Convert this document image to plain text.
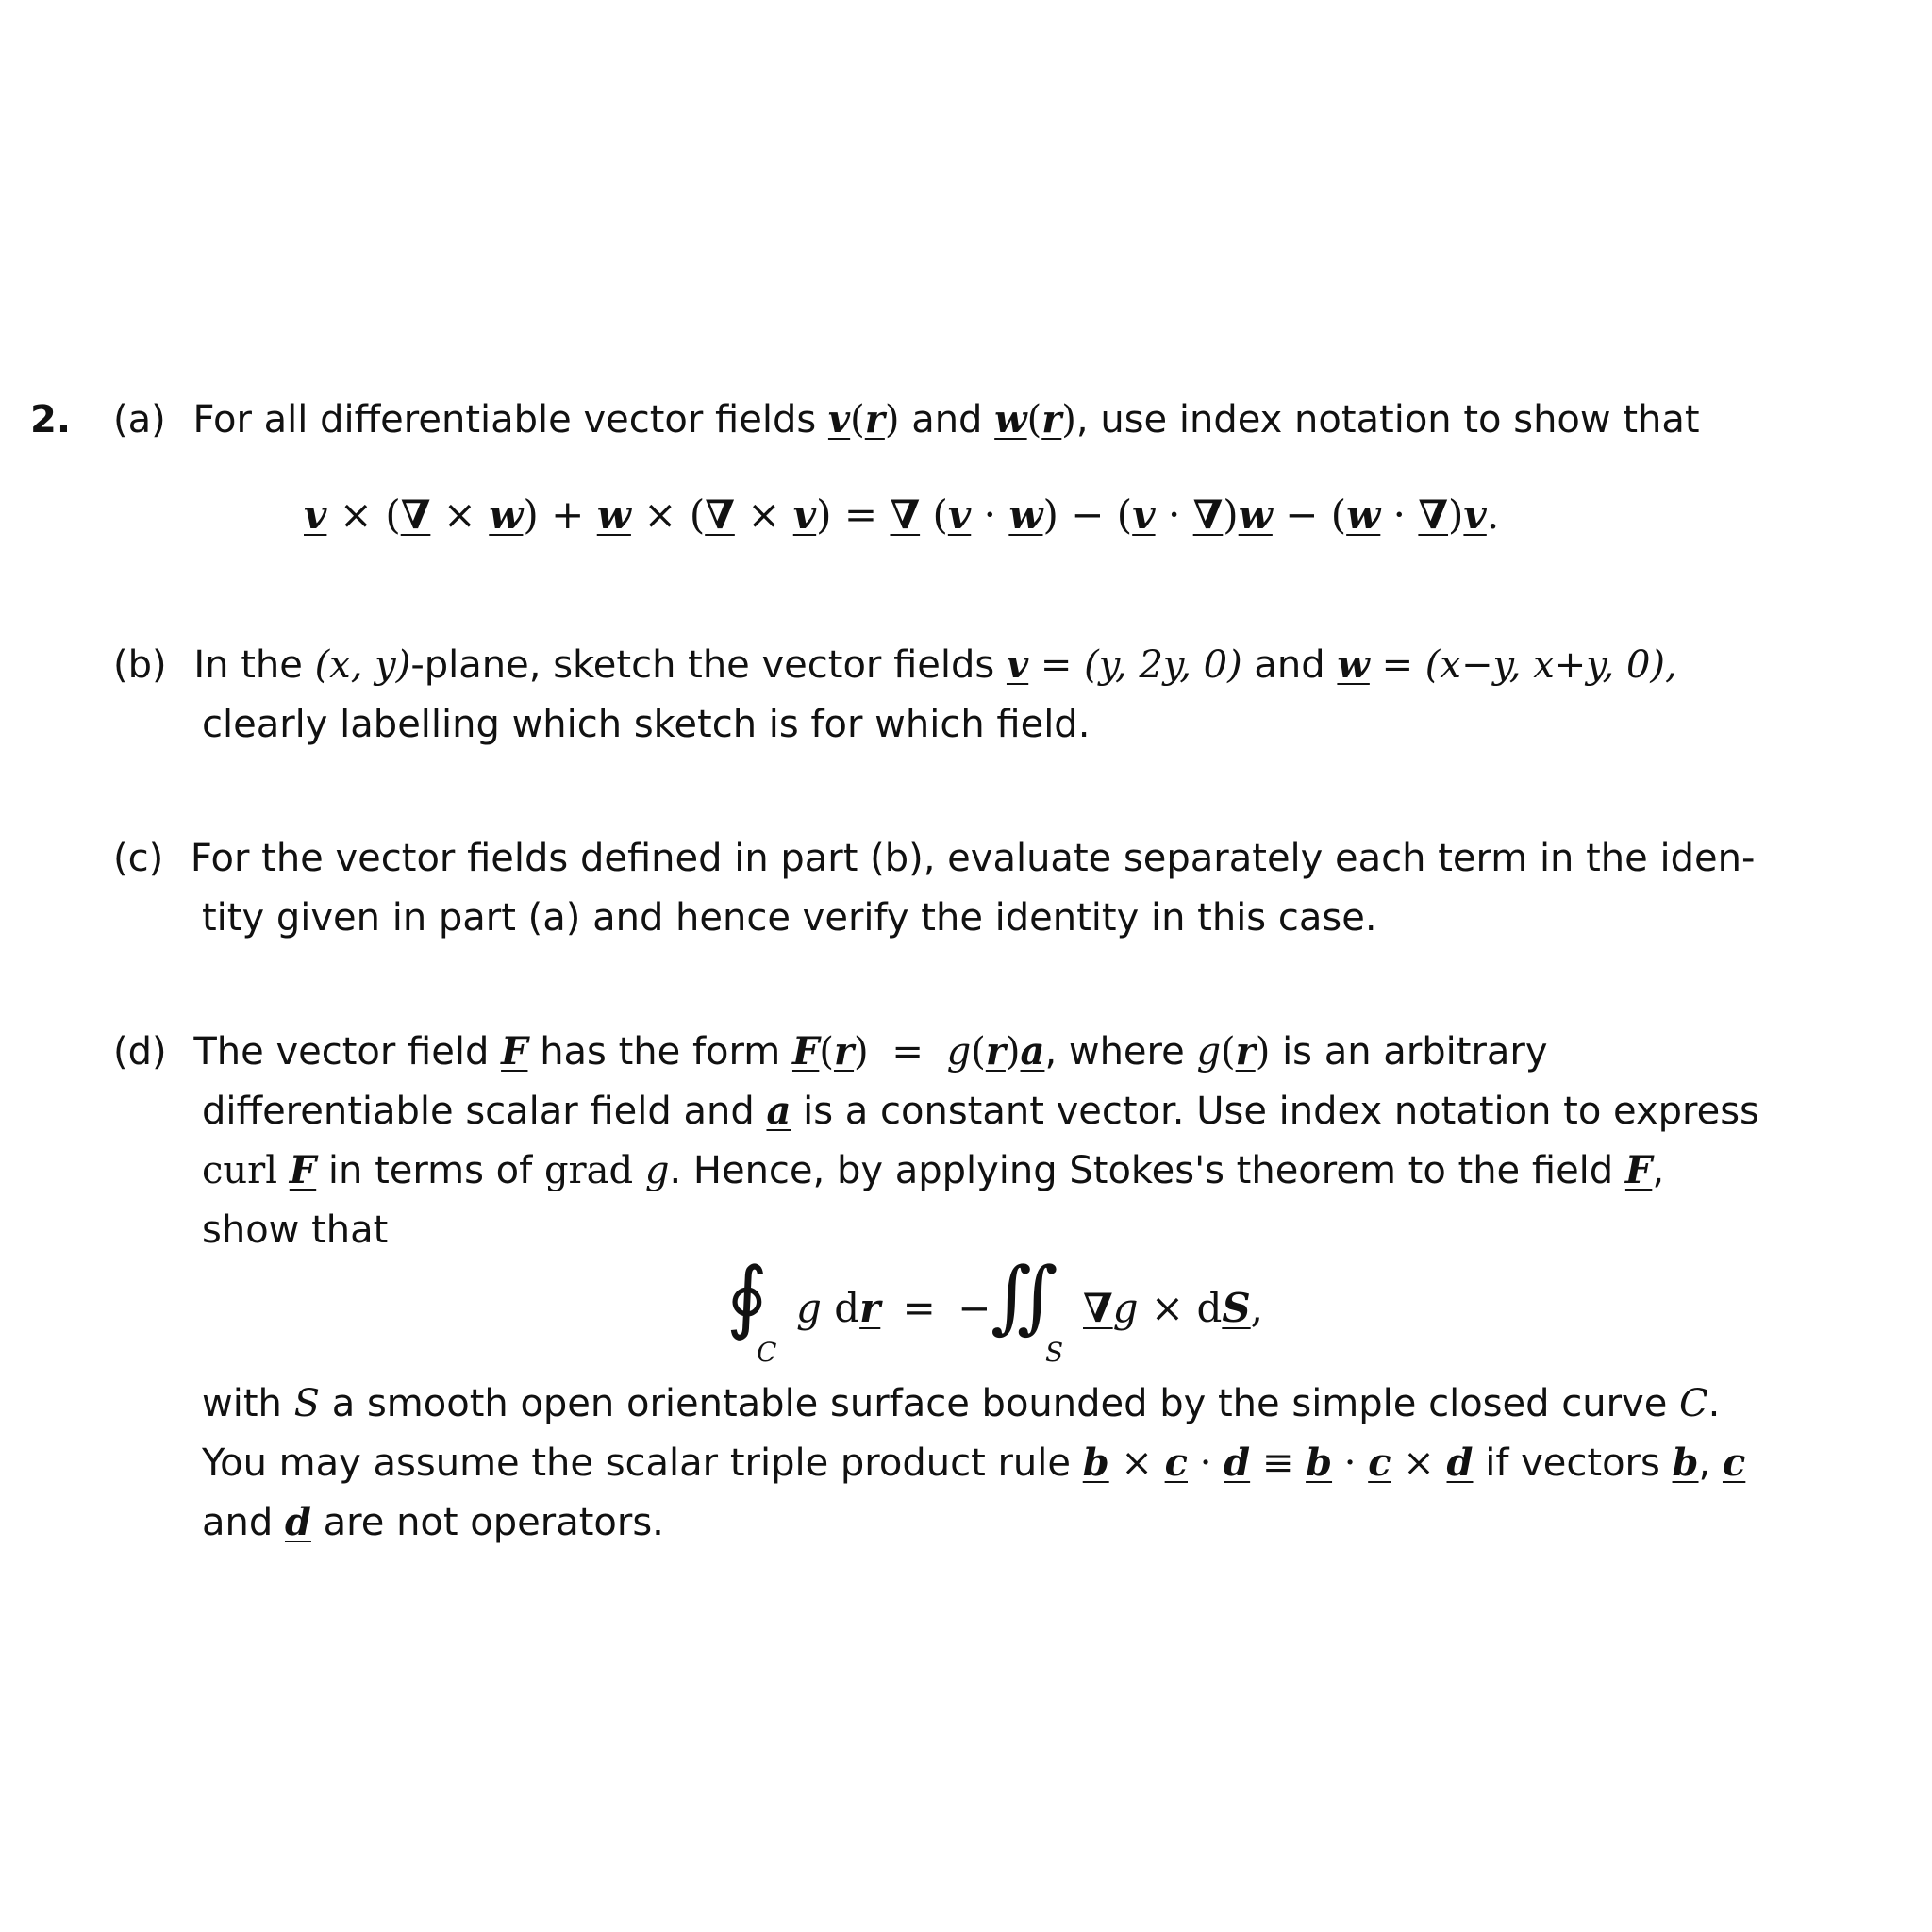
2. (a) For all differentiable vector fields v(r) and w(r), use index notation to show that
v × (∇ × w) + w × (∇ × v) = ∇ (v · w) − (v · ∇)w − (w · ∇)v.
(b) In the (x, y)-plane, sketch the vector fields v = (y, 2y, 0) and w = (x−y, x+y, 0),
clearly labelling which sketch is for which field.
(c) For the vector fields defined in part (b), evaluate separately each term in the iden-
tity given in part (a) and hence verify the identity in this case.
(d) The vector field F has the form F(r) = g(r)a, where g(r) is an arbitrary
differentiable scalar field and a is a constant vector. Use index notation to express
curl F in terms of grad g. Hence, by applying Stokes's theorem to the field F,
show that
∮
C
g dr = − ∬
S
∇g × dS,
with S a smooth open orientable surface bounded by the simple closed curve C.
You may assume the scalar triple product rule b × c · d ≡ b · c × d if vectors b, c
and d are not operators.
